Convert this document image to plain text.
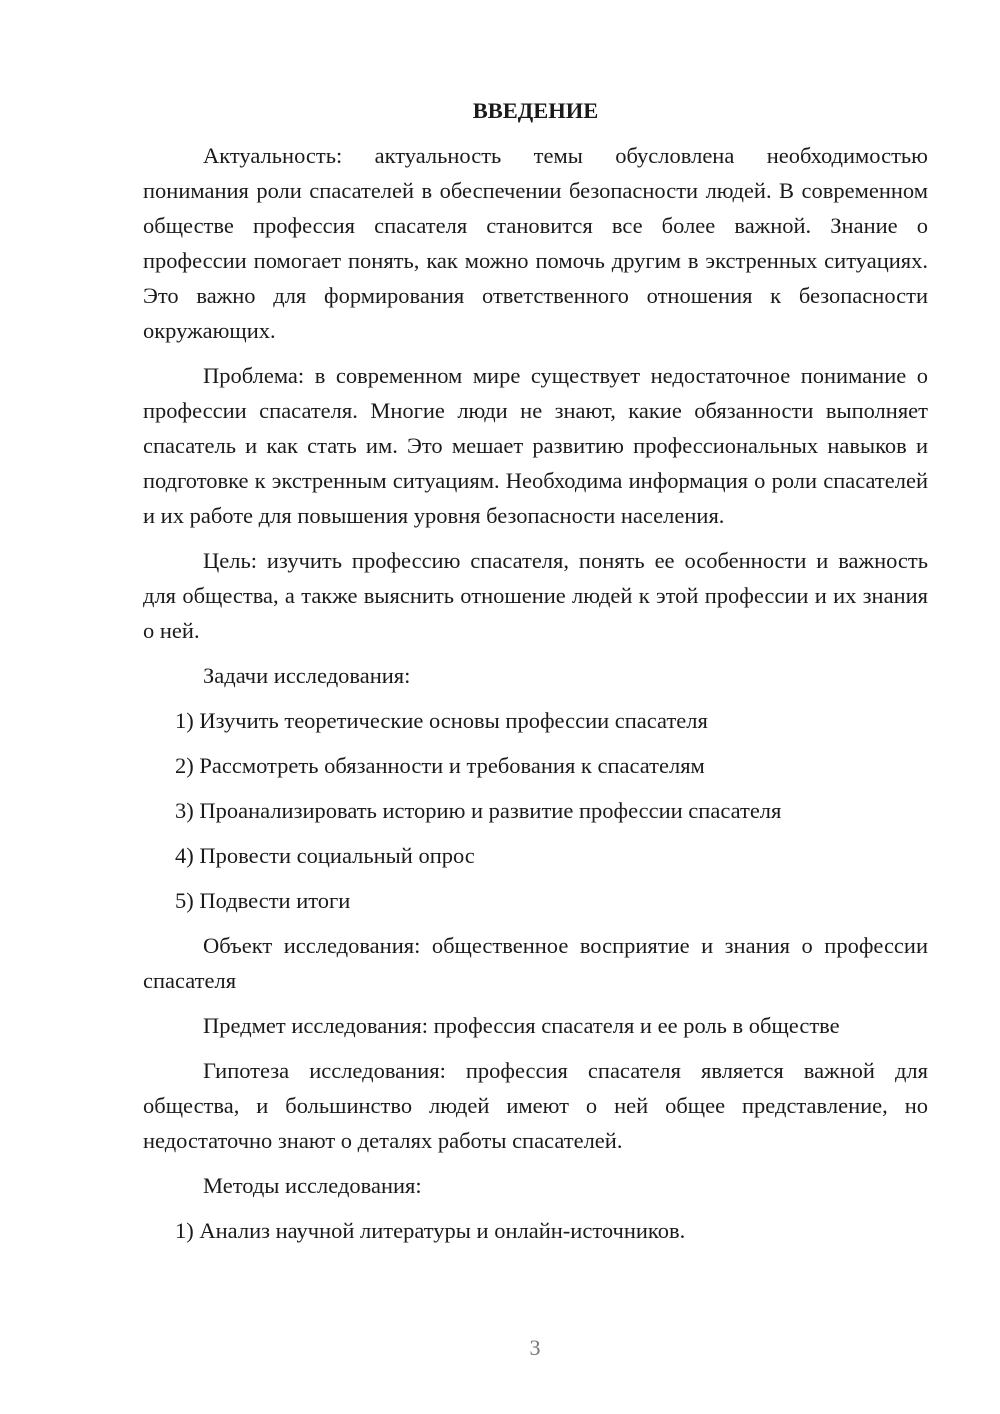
ВВЕДЕНИЕ

Актуальность: актуальность темы обусловлена необходимостью понимания роли спасателей в обеспечении безопасности людей. В современном обществе профессия спасателя становится все более важной. Знание о профессии помогает понять, как можно помочь другим в экстренных ситуациях. Это важно для формирования ответственного отношения к безопасности окружающих.

Проблема: в современном мире существует недостаточное понимание о профессии спасателя. Многие люди не знают, какие обязанности выполняет спасатель и как стать им. Это мешает развитию профессиональных навыков и подготовке к экстренным ситуациям. Необходима информация о роли спасателей и их работе для повышения уровня безопасности населения.

Цель: изучить профессию спасателя, понять ее особенности и важность для общества, а также выяснить отношение людей к этой профессии и их знания о ней.

Задачи исследования:

1) Изучить теоретические основы профессии спасателя
2) Рассмотреть обязанности и требования к спасателям
3) Проанализировать историю и развитие профессии спасателя
4) Провести социальный опрос
5) Подвести итоги

Объект исследования: общественное восприятие и знания о профессии спасателя

Предмет исследования: профессия спасателя и ее роль в обществе

Гипотеза исследования: профессия спасателя является важной для общества, и большинство людей имеют о ней общее представление, но недостаточно знают о деталях работы спасателей.

Методы исследования:

1) Анализ научной литературы и онлайн-источников.
3
